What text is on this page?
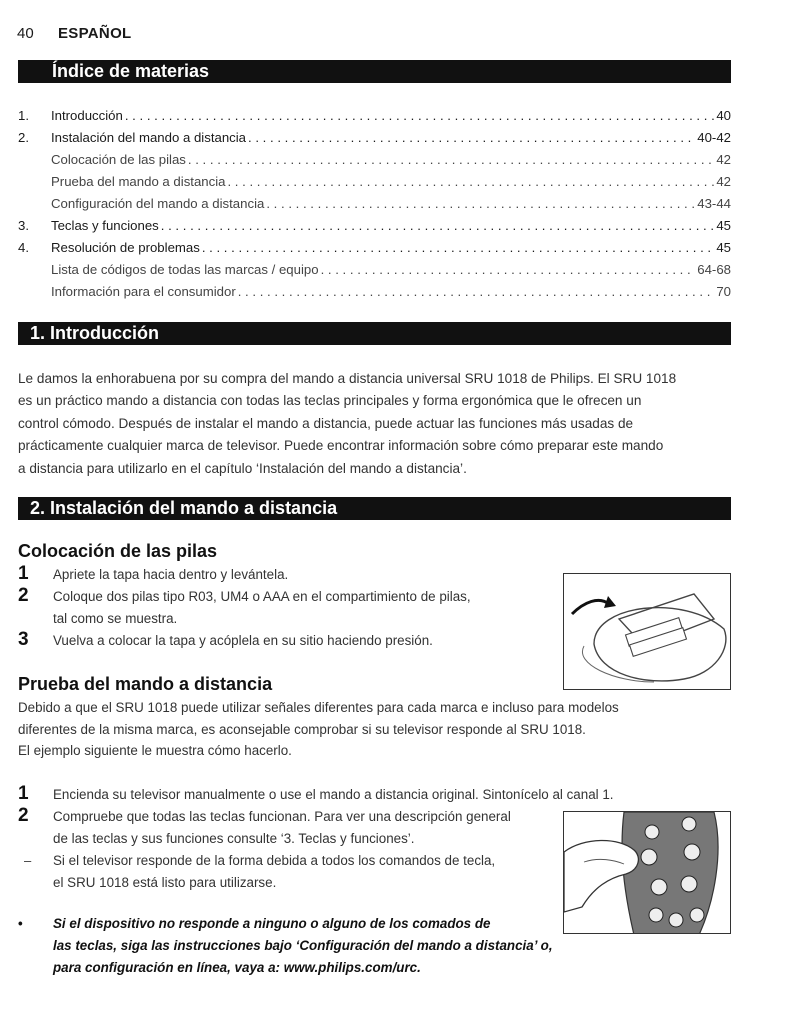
40 ESPAÑOL
Índice de materias
1. Introducción . . .	40
2. Instalación del mando a distancia . . .	40-42
Colocación de las pilas . . .	42
Prueba del mando a distancia . . .	42
Configuración del mando a distancia . . .	43-44
3. Teclas y funciones . . .	45
4. Resolución de problemas . . .	45
Lista de códigos de todas las marcas / equipo . . .	64-68
Información para el consumidor . . .	70
1. Introducción
Le damos la enhorabuena por su compra del mando a distancia universal SRU 1018 de Philips. El SRU 1018
es un práctico mando a distancia con todas las teclas principales y forma ergonómica que le ofrecen un
control cómodo. Después de instalar el mando a distancia, puede actuar las funciones más usadas de
prácticamente cualquier marca de televisor. Puede encontrar información sobre cómo preparar este mando
a distancia para utilizarlo en el capítulo ‘Instalación del mando a distancia’.
2. Instalación del mando a distancia
Colocación de las pilas
1 Apriete la tapa hacia dentro y levántela.
2 Coloque dos pilas tipo R03, UM4 o AAA en el compartimiento de pilas,
tal como se muestra.
3 Vuelva a colocar la tapa y acóplela en su sitio haciendo presión.
Prueba del mando a distancia
Debido a que el SRU 1018 puede utilizar señales diferentes para cada marca e incluso para modelos
diferentes de la misma marca, es aconsejable comprobar si su televisor responde al SRU 1018.
El ejemplo siguiente le muestra cómo hacerlo.
1 Encienda su televisor manualmente o use el mando a distancia original. Sintonícelo al canal 1.
2 Compruebe que todas las teclas funcionan. Para ver una descripción general
de las teclas y sus funciones consulte ‘3. Teclas y funciones’.
– Si el televisor responde de la forma debida a todos los comandos de tecla,
el SRU 1018 está listo para utilizarse.
• Si el dispositivo no responde a ninguno o alguno de los comados de
las teclas, siga las instrucciones bajo ‘Configuración del mando a distancia’ o,
para configuración en línea, vaya a: www.philips.com/urc.
